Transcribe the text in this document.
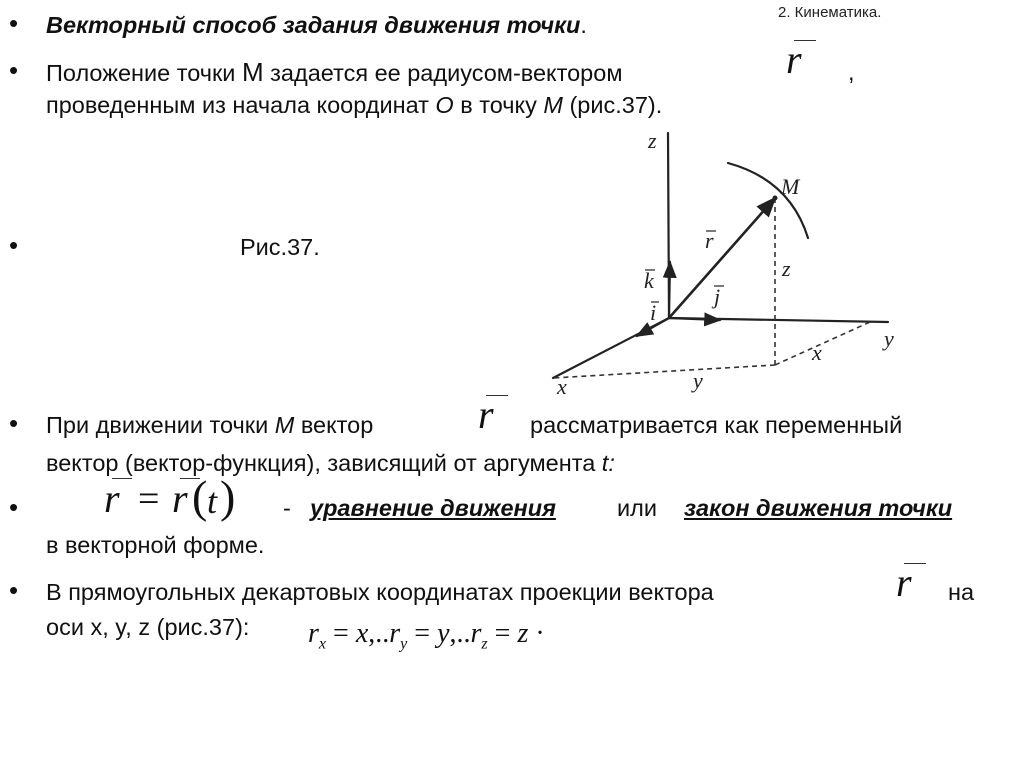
2. Кинематика.
•
•
•
•
•
•
Векторный способ задания движения точки.
Положение точки М задается ее радиусом-вектором	r ,
проведенным из начала координат О в точку М (рис.37).
Рис.37.
z
y
x
M
r
k
i
j
z
x
y
При движении точки М вектор	r рассматривается как переменный
вектор (вектор-функция), зависящий от аргумента t:
r = r ( t ) - уравнение движения	или закон движения точки
в векторной форме.
В прямоугольных декартовых координатах проекции вектора	r на
оси x, y, z (рис.37): $r_x = x,..r_y = y,..r_z = z$ ·
